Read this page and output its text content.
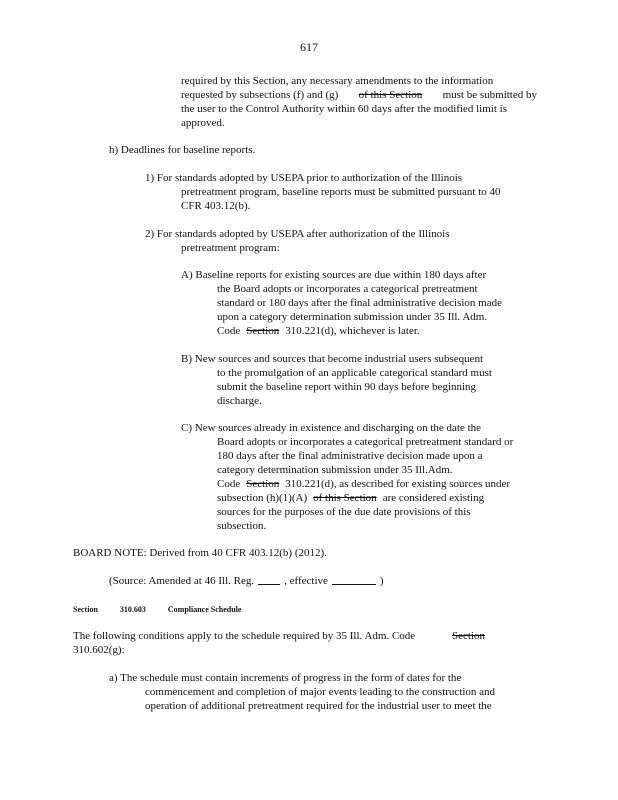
617
required by this Section, any necessary amendments to the information
requested by subsections (f) and (g) of this Section must be submitted by
the user to the Control Authority within 60 days after the modified limit is
approved.
h) Deadlines for baseline reports.
1) For standards adopted by USEPA prior to authorization of the Illinois
pretreatment program, baseline reports must be submitted pursuant to 40
CFR 403.12(b).
2) For standards adopted by USEPA after authorization of the Illinois
pretreatment program:
A) Baseline reports for existing sources are due within 180 days after
the Board adopts or incorporates a categorical pretreatment
standard or 180 days after the final administrative decision made
upon a category determination submission under 35 Ill. Adm.
Code Section 310.221(d), whichever is later.
B) New sources and sources that become industrial users subsequent
to the promulgation of an applicable categorical standard must
submit the baseline report within 90 days before beginning
discharge.
C) New sources already in existence and discharging on the date the
Board adopts or incorporates a categorical pretreatment standard or
180 days after the final administrative decision made upon a
category determination submission under 35 Ill.Adm.
Code Section 310.221(d), as described for existing sources under
subsection (h)(1)(A) of this Section are considered existing
sources for the purposes of the due date provisions of this
subsection.
BOARD NOTE: Derived from 40 CFR 403.12(b) (2012).
(Source: Amended at 46 Ill. Reg.	, effective	)
Section	310.603	Compliance Schedule
The following conditions apply to the schedule required by 35 Ill. Adm. Code	Section
310.602(g):
a) The schedule must contain increments of progress in the form of dates for the
commencement and completion of major events leading to the construction and
operation of additional pretreatment required for the industrial user to meet the
